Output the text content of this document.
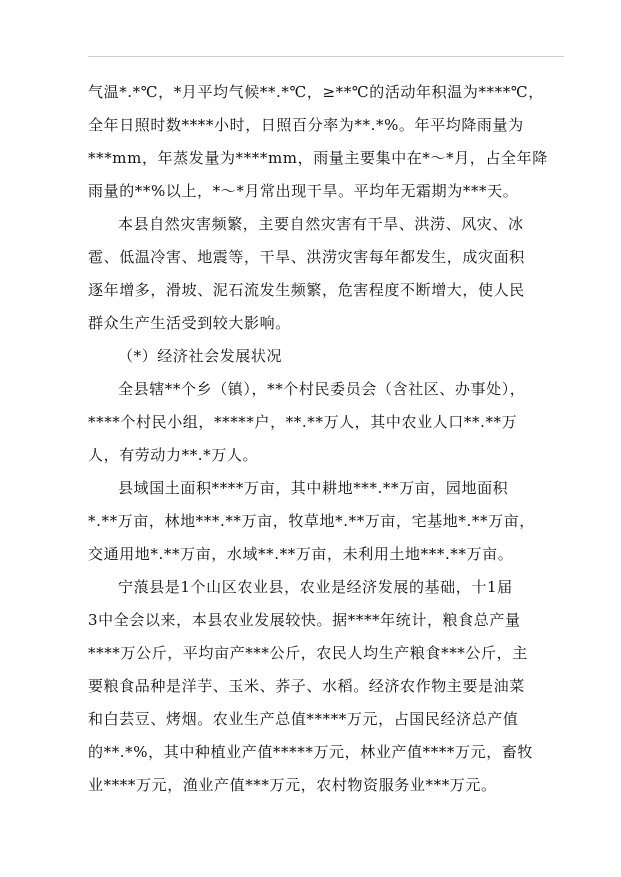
气温*.*℃，*月平均气候**.*℃，≥**℃的活动年积温为****℃，
全年日照时数****小时，日照百分率为**.*%。年平均降雨量为
***mm，年蒸发量为****mm，雨量主要集中在*～*月，占全年降
雨量的**%以上，*～*月常出现干旱。平均年无霜期为***天。
本县自然灾害频繁，主要自然灾害有干旱、洪涝、风灾、冰
雹、低温冷害、地震等，干旱、洪涝灾害每年都发生，成灾面积
逐年增多，滑坡、泥石流发生频繁，危害程度不断增大，使人民
群众生产生活受到较大影响。
（*）经济社会发展状况
全县辖**个乡（镇），**个村民委员会（含社区、办事处），
****个村民小组，*****户，**.**万人，其中农业人口**.**万
人，有劳动力**.*万人。
县域国土面积****万亩，其中耕地***.**万亩，园地面积
*.**万亩，林地***.**万亩，牧草地*.**万亩，宅基地*.**万亩，
交通用地*.**万亩，水域**.**万亩，未利用土地***.**万亩。
宁蒗县是1个山区农业县，农业是经济发展的基础，十1届
3中全会以来，本县农业发展较快。据****年统计，粮食总产量
****万公斤，平均亩产***公斤，农民人均生产粮食***公斤，主
要粮食品种是洋芋、玉米、荞子、水稻。经济农作物主要是油菜
和白芸豆、烤烟。农业生产总值*****万元，占国民经济总产值
的**.*%，其中种植业产值*****万元，林业产值****万元，畜牧
业****万元，渔业产值***万元，农村物资服务业***万元。
